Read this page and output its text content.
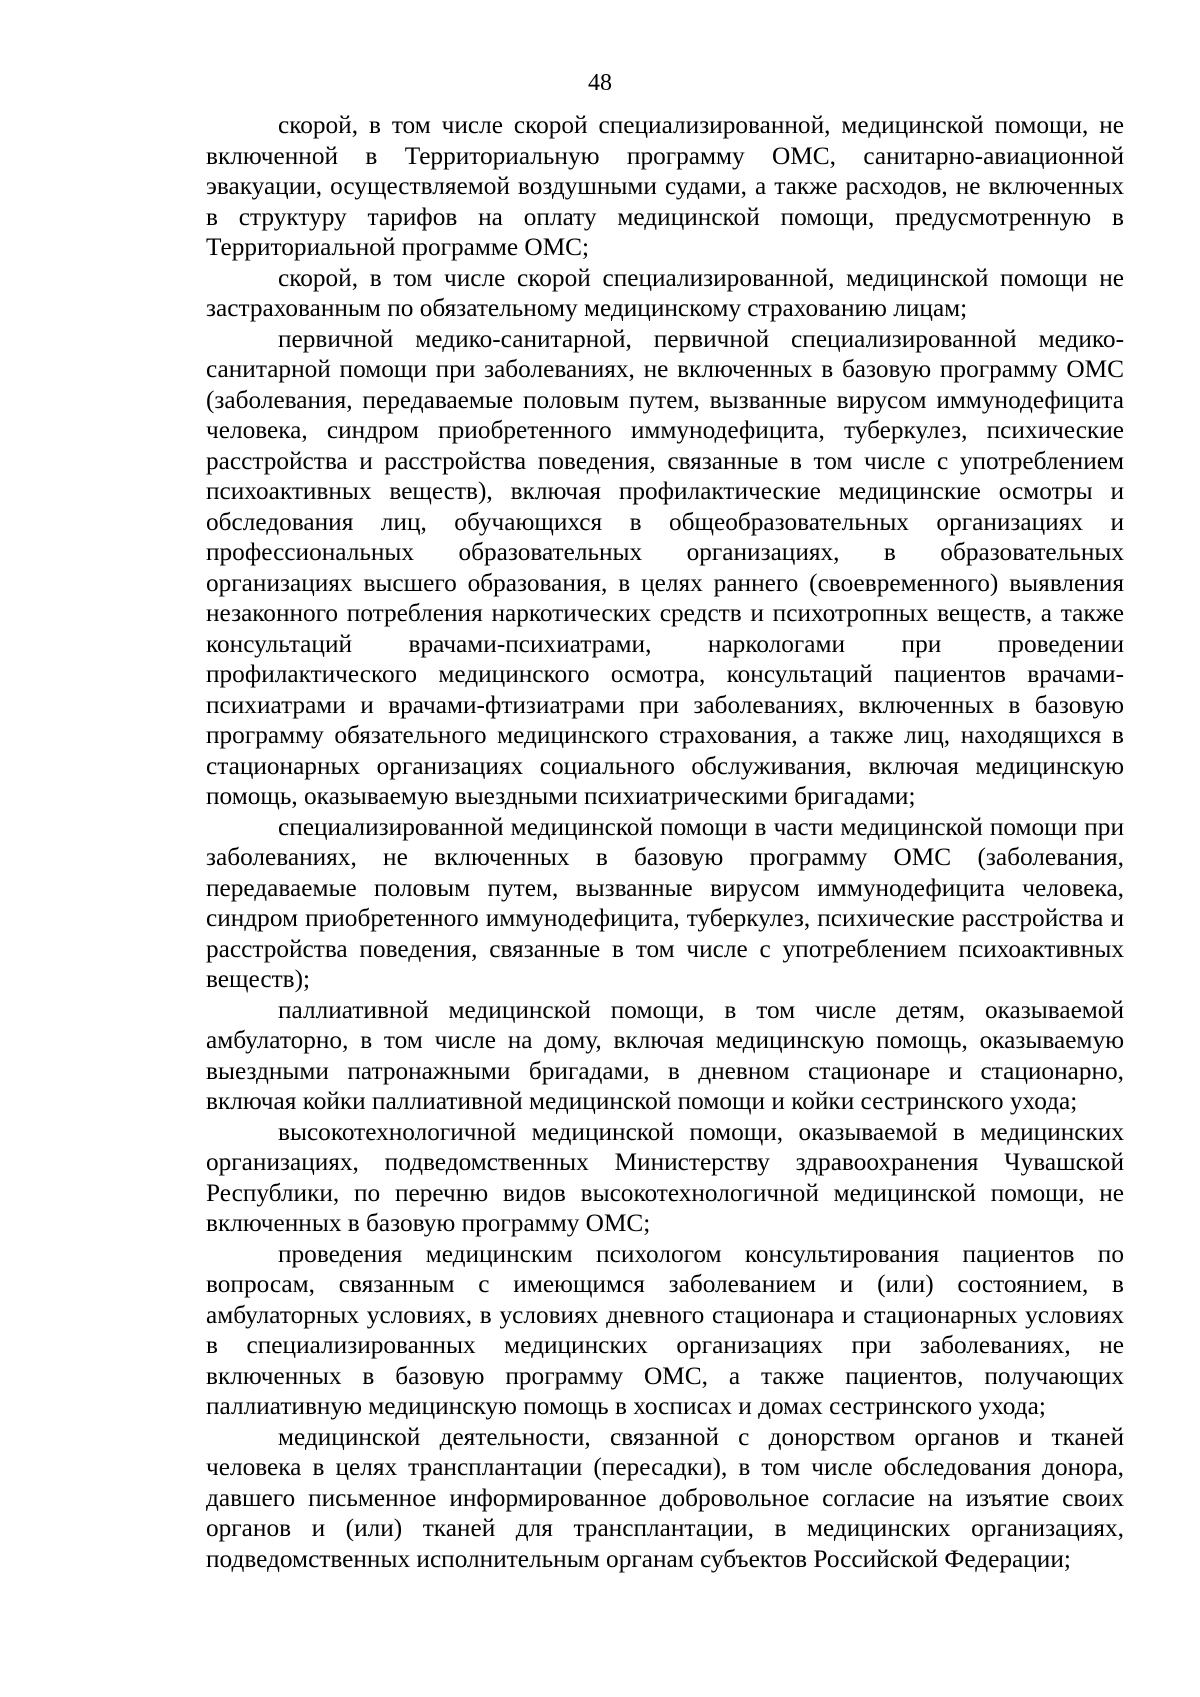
48

скорой, в том числе скорой специализированной, медицинской помощи, не включенной в Территориальную программу ОМС, санитарно-авиационной эвакуации, осуществляемой воздушными судами, а также расходов, не включенных в структуру тарифов на оплату медицинской помощи, предусмотренную в Территориальной программе ОМС;

скорой, в том числе скорой специализированной, медицинской помощи не застрахованным по обязательному медицинскому страхованию лицам;

первичной медико-санитарной, первичной специализированной медико-санитарной помощи при заболеваниях, не включенных в базовую программу ОМС (заболевания, передаваемые половым путем, вызванные вирусом иммунодефицита человека, синдром приобретенного иммунодефицита, туберкулез, психические расстройства и расстройства поведения, связанные в том числе с употреблением психоактивных веществ), включая профилактические медицинские осмотры и обследования лиц, обучающихся в общеобразовательных организациях и профессиональных образовательных организациях, в образовательных организациях высшего образования, в целях раннего (своевременного) выявления незаконного потребления наркотических средств и психотропных веществ, а также консультаций врачами-психиатрами, наркологами при проведении профилактического медицинского осмотра, консультаций пациентов врачами-психиатрами и врачами-фтизиатрами при заболеваниях, включенных в базовую программу обязательного медицинского страхования, а также лиц, находящихся в стационарных организациях социального обслуживания, включая медицинскую помощь, оказываемую выездными психиатрическими бригадами;

специализированной медицинской помощи в части медицинской помощи при заболеваниях, не включенных в базовую программу ОМС (заболевания, передаваемые половым путем, вызванные вирусом иммунодефицита человека, синдром приобретенного иммунодефицита, туберкулез, психические расстройства и расстройства поведения, связанные в том числе с употреблением психоактивных веществ);

паллиативной медицинской помощи, в том числе детям, оказываемой амбулаторно, в том числе на дому, включая медицинскую помощь, оказываемую выездными патронажными бригадами, в дневном стационаре и стационарно, включая койки паллиативной медицинской помощи и койки сестринского ухода;

высокотехнологичной медицинской помощи, оказываемой в медицинских организациях, подведомственных Министерству здравоохранения Чувашской Республики, по перечню видов высокотехнологичной медицинской помощи, не включенных в базовую программу ОМС;

проведения медицинским психологом консультирования пациентов по вопросам, связанным с имеющимся заболеванием и (или) состоянием, в амбулаторных условиях, в условиях дневного стационара и стационарных условиях в специализированных медицинских организациях при заболеваниях, не включенных в базовую программу ОМС, а также пациентов, получающих паллиативную медицинскую помощь в хосписах и домах сестринского ухода;

медицинской деятельности, связанной с донорством органов и тканей человека в целях трансплантации (пересадки), в том числе обследования донора, давшего письменное информированное добровольное согласие на изъятие своих органов и (или) тканей для трансплантации, в медицинских организациях, подведомственных исполнительным органам субъектов Российской Федерации;
